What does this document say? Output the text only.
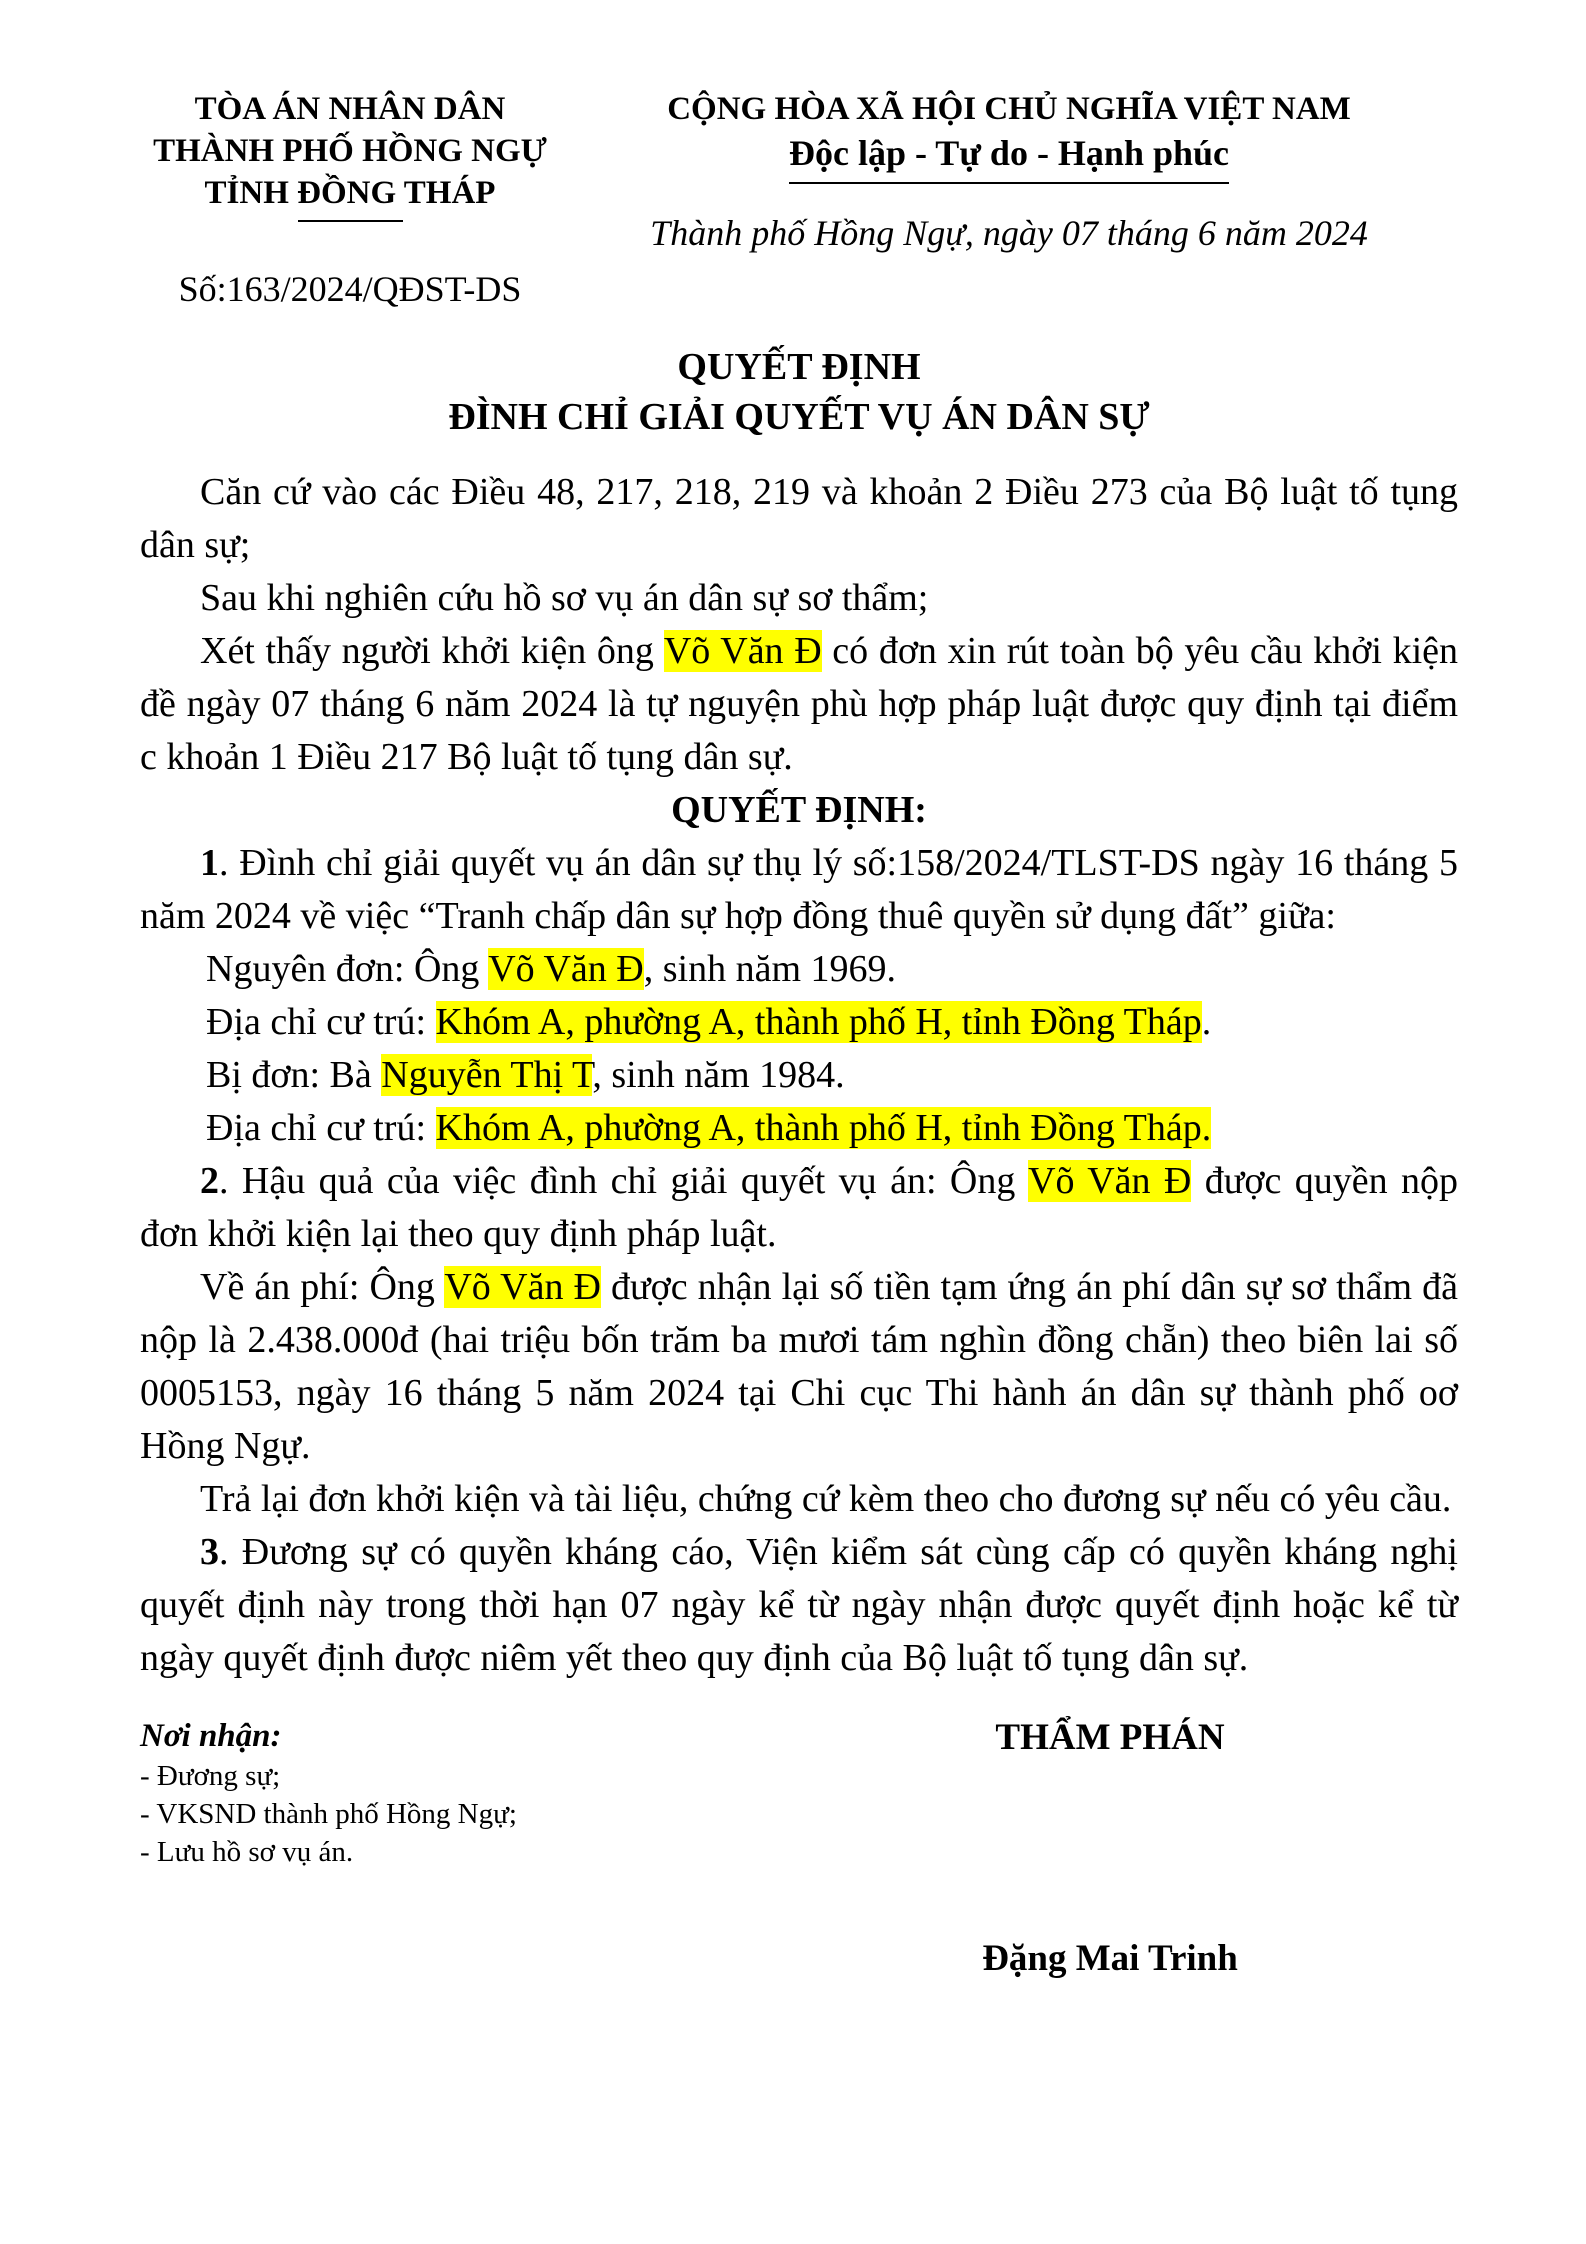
TÒA ÁN NHÂN DÂN
THÀNH PHỐ HỒNG NGỰ
TỈNH ĐỒNG THÁP
Số:163/2024/QĐST-DS
CỘNG HÒA XÃ HỘI CHỦ NGHĨA VIỆT NAM
Độc lập - Tự do - Hạnh phúc
Thành phố Hồng Ngự, ngày 07 tháng 6 năm 2024
QUYẾT ĐỊNH
ĐÌNH CHỈ GIẢI QUYẾT VỤ ÁN DÂN SỰ

Căn cứ vào các Điều 48, 217, 218, 219 và khoản 2 Điều 273 của Bộ luật tố tụng dân sự;

Sau khi nghiên cứu hồ sơ vụ án dân sự sơ thẩm;

Xét thấy người khởi kiện ông Võ Văn Đ có đơn xin rút toàn bộ yêu cầu khởi kiện đề ngày 07 tháng 6 năm 2024 là tự nguyện phù hợp pháp luật được quy định tại điểm c khoản 1 Điều 217 Bộ luật tố tụng dân sự.

QUYẾT ĐỊNH:

1. Đình chỉ giải quyết vụ án dân sự thụ lý số:158/2024/TLST-DS ngày 16 tháng 5 năm 2024 về việc “Tranh chấp dân sự hợp đồng thuê quyền sử dụng đất” giữa:

Nguyên đơn: Ông Võ Văn Đ, sinh năm 1969.

Địa chỉ cư trú: Khóm A, phường A, thành phố H, tỉnh Đồng Tháp.

Bị đơn: Bà Nguyễn Thị T, sinh năm 1984.

Địa chỉ cư trú: Khóm A, phường A, thành phố H, tỉnh Đồng Tháp.

2. Hậu quả của việc đình chỉ giải quyết vụ án: Ông Võ Văn Đ được quyền nộp đơn khởi kiện lại theo quy định pháp luật.

Về án phí: Ông Võ Văn Đ được nhận lại số tiền tạm ứng án phí dân sự sơ thẩm đã nộp là 2.438.000đ (hai triệu bốn trăm ba mươi tám nghìn đồng chẵn) theo biên lai số 0005153, ngày 16 tháng 5 năm 2024 tại Chi cục Thi hành án dân sự thành phố oơ Hồng Ngự.

Trả lại đơn khởi kiện và tài liệu, chứng cứ kèm theo cho đương sự nếu có yêu cầu.

3. Đương sự có quyền kháng cáo, Viện kiểm sát cùng cấp có quyền kháng nghị quyết định này trong thời hạn 07 ngày kể từ ngày nhận được quyết định hoặc kể từ ngày quyết định được niêm yết theo quy định của Bộ luật tố tụng dân sự.

Nơi nhận:
- Đương sự;
- VKSND thành phố Hồng Ngự;
- Lưu hồ sơ vụ án.
THẨM PHÁN
Đặng Mai Trinh
